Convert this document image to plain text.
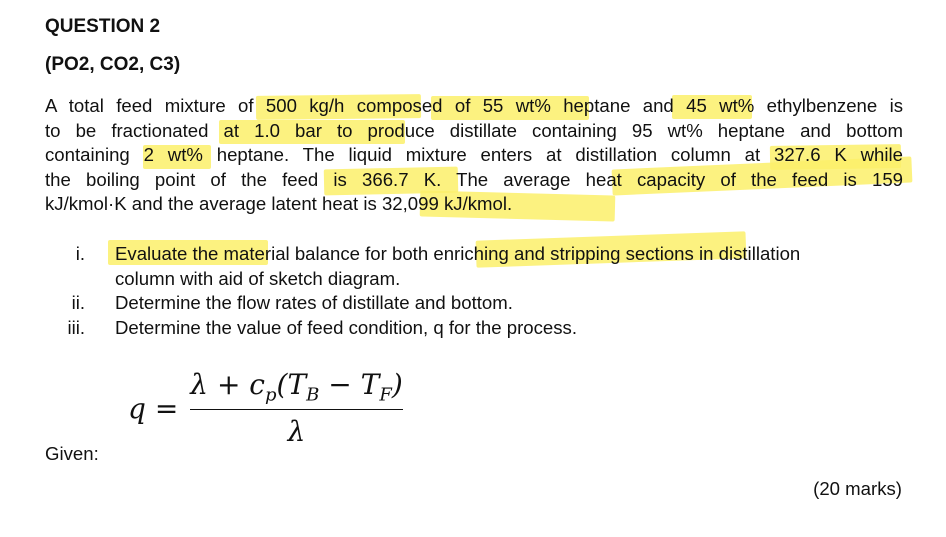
QUESTION 2
(PO2, CO2, C3)
A total feed mixture of 500 kg/h composed of 55 wt% heptane and 45 wt% ethylbenzene is
to be fractionated at 1.0 bar to produce distillate containing 95 wt% heptane and bottom
containing 2 wt% heptane. The liquid mixture enters at distillation column at 327.6 K while
the boiling point of the feed is 366.7 K. The average heat capacity of the feed is 159
kJ/kmol·K and the average latent heat is 32,099 kJ/kmol.
i. Evaluate the material balance for both enriching and stripping sections in distillation
column with aid of sketch diagram.
ii. Determine the flow rates of distillate and bottom.
iii. Determine the value of feed condition, q for the process.
$q = \frac{\lambda + c_p(T_B - T_F)}{\lambda}$
Given:
(20 marks)
